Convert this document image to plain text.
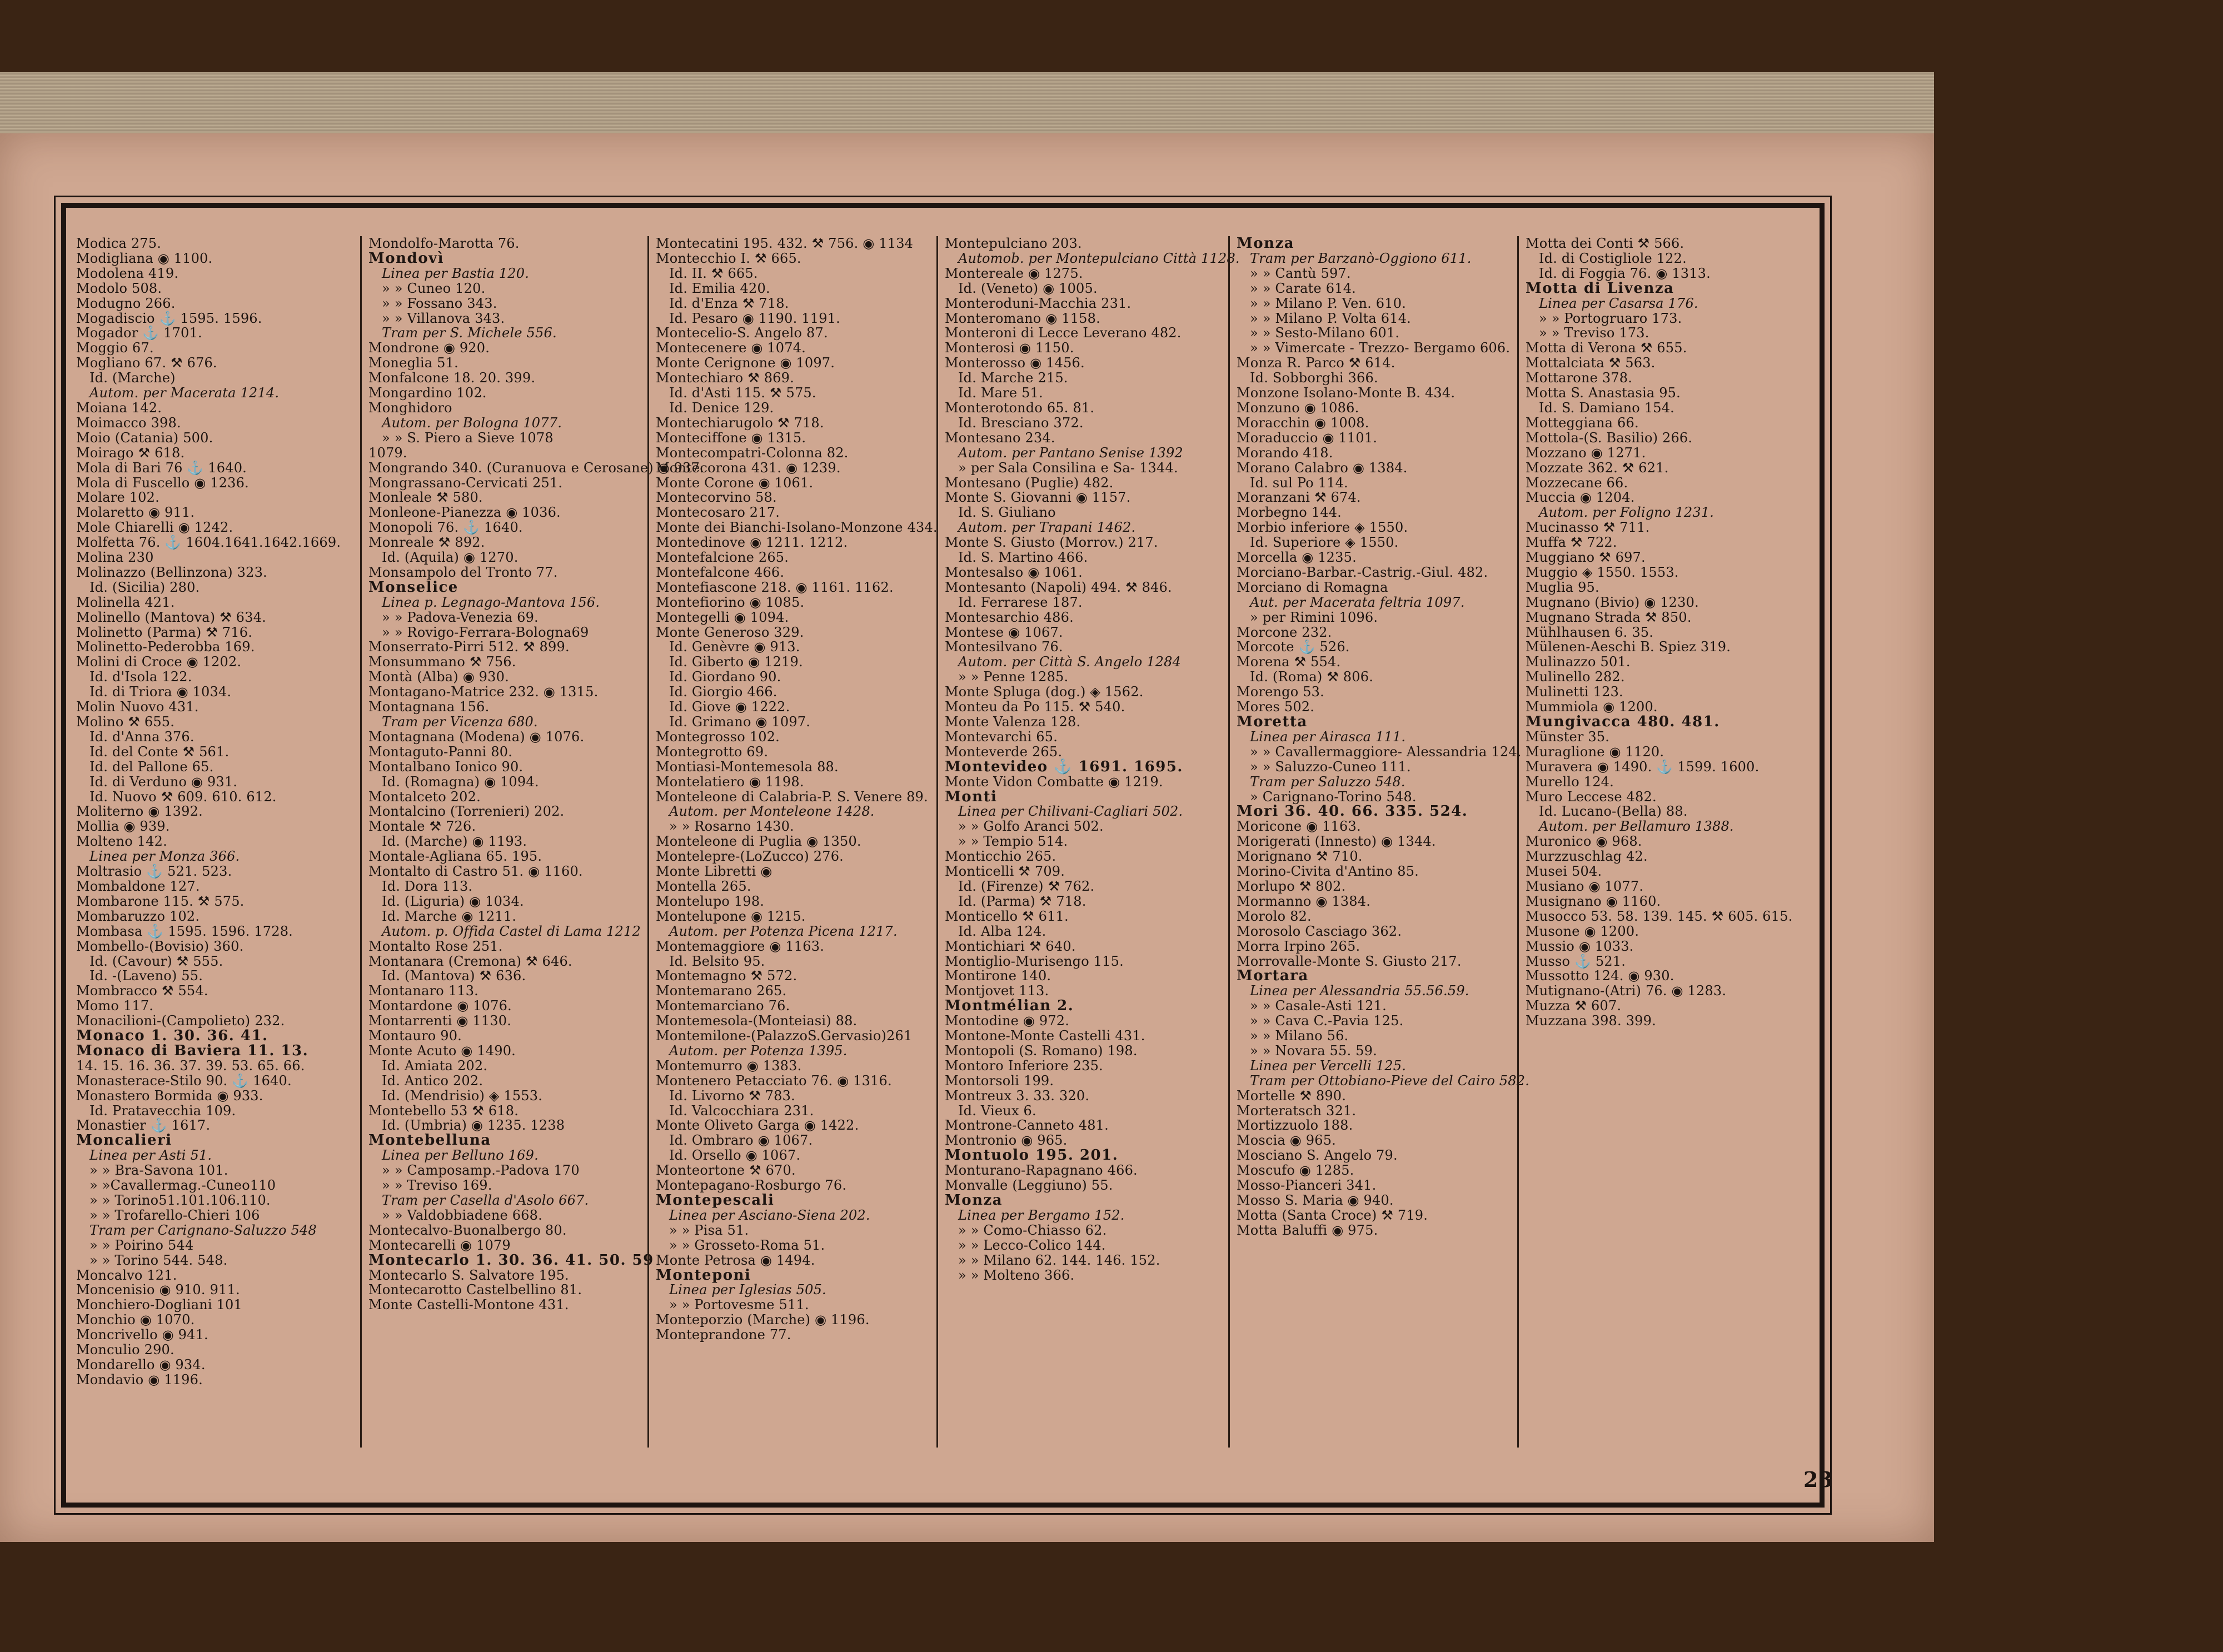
Modica 275.
Modigliana ◉ 1100.
Modolena 419.
Modolo 508.
Modugno 266.
Mogadiscio ⚓ 1595. 1596.
Mogador ⚓ 1701.
Moggio 67.
Mogliano 67. ⚒ 676.
Id. (Marche)
Autom. per Macerata 1214.
Moiana 142.
Moimacco 398.
Moio (Catania) 500.
Moirago ⚒ 618.
Mola di Bari 76 ⚓ 1640.
Mola di Fuscello ◉ 1236.
Molare 102.
Molaretto ◉ 911.
Mole Chiarelli ◉ 1242.
Molfetta 76. ⚓ 1604.1641.1642.1669.
Molina 230
Molinazzo (Bellinzona) 323.
Id. (Sicilia) 280.
Molinella 421.
Molinello (Mantova) ⚒ 634.
Molinetto (Parma) ⚒ 716.
Molinetto-Pederobba 169.
Molini di Croce ◉ 1202.
Id. d'Isola 122.
Id. di Triora ◉ 1034.
Molin Nuovo 431.
Molino ⚒ 655.
Id. d'Anna 376.
Id. del Conte ⚒ 561.
Id. del Pallone 65.
Id. di Verduno ◉ 931.
Id. Nuovo ⚒ 609. 610. 612.
Moliterno ◉ 1392.
Mollia ◉ 939.
Molteno 142.
Linea per Monza 366.
Moltrasio ⚓ 521. 523.
Mombaldone 127.
Mombarone 115. ⚒ 575.
Mombaruzzo 102.
Mombasa ⚓ 1595. 1596. 1728.
Mombello-(Bovisio) 360.
Id. (Cavour) ⚒ 555.
Id. -(Laveno) 55.
Mombracco ⚒ 554.
Momo 117.
Monacilioni-(Campolieto) 232.
Monaco 1. 30. 36. 41.
Monaco di Baviera 11. 13.
14. 15. 16. 36. 37. 39. 53. 65. 66.
Monasterace-Stilo 90. ⚓ 1640.
Monastero Bormida ◉ 933.
Id. Pratavecchia 109.
Monastier ⚓ 1617.
Moncalieri
Linea per Asti 51.
» » Bra-Savona 101.
» »Cavallermag.-Cuneo110
» » Torino51.101.106.110.
» » Trofarello-Chieri 106
Tram per Carignano-Saluzzo 548
» » Poirino 544
» » Torino 544. 548.
Moncalvo 121.
Moncenisio ◉ 910. 911.
Monchiero-Dogliani 101
Monchio ◉ 1070.
Moncrivello ◉ 941.
Monculio 290.
Mondarello ◉ 934.
Mondavio ◉ 1196.
Mondolfo-Marotta 76.
Mondovì
Linea per Bastia 120.
» » Cuneo 120.
» » Fossano 343.
» » Villanova 343.
Tram per S. Michele 556.
Mondrone ◉ 920.
Moneglia 51.
Monfalcone 18. 20. 399.
Mongardino 102.
Monghidoro
Autom. per Bologna 1077.
» » S. Piero a Sieve 1078
1079.
Mongrando 340. (Curanuova e Cerosane) ◉ 937.
Mongrassano-Cervicati 251.
Monleale ⚒ 580.
Monleone-Pianezza ◉ 1036.
Monopoli 76. ⚓ 1640.
Monreale ⚒ 892.
Id. (Aquila) ◉ 1270.
Monsampolo del Tronto 77.
Monselice
Linea p. Legnago-Mantova 156.
» » Padova-Venezia 69.
» » Rovigo-Ferrara-Bologna69
Monserrato-Pirri 512. ⚒ 899.
Monsummano ⚒ 756.
Montà (Alba) ◉ 930.
Montagano-Matrice 232. ◉ 1315.
Montagnana 156.
Tram per Vicenza 680.
Montagnana (Modena) ◉ 1076.
Montaguto-Panni 80.
Montalbano Ionico 90.
Id. (Romagna) ◉ 1094.
Montalceto 202.
Montalcino (Torrenieri) 202.
Montale ⚒ 726.
Id. (Marche) ◉ 1193.
Montale-Agliana 65. 195.
Montalto di Castro 51. ◉ 1160.
Id. Dora 113.
Id. (Liguria) ◉ 1034.
Id. Marche ◉ 1211.
Autom. p. Offida Castel di Lama 1212
Montalto Rose 251.
Montanara (Cremona) ⚒ 646.
Id. (Mantova) ⚒ 636.
Montanaro 113.
Montardone ◉ 1076.
Montarrenti ◉ 1130.
Montauro 90.
Monte Acuto ◉ 1490.
Id. Amiata 202.
Id. Antico 202.
Id. (Mendrisio) ◈ 1553.
Montebello 53 ⚒ 618.
Id. (Umbria) ◉ 1235. 1238
Montebelluna
Linea per Belluno 169.
» » Camposamp.-Padova 170
» » Treviso 169.
Tram per Casella d'Asolo 667.
» » Valdobbiadene 668.
Montecalvo-Buonalbergo 80.
Montecarelli ◉ 1079
Montecarlo 1. 30. 36. 41. 50. 59
Montecarlo S. Salvatore 195.
Montecarotto Castelbellino 81.
Monte Castelli-Montone 431.
Montecatini 195. 432. ⚒ 756. ◉ 1134
Montecchio I. ⚒ 665.
Id. II. ⚒ 665.
Id. Emilia 420.
Id. d'Enza ⚒ 718.
Id. Pesaro ◉ 1190. 1191.
Montecelio-S. Angelo 87.
Montecenere ◉ 1074.
Monte Cerignone ◉ 1097.
Montechiaro ⚒ 869.
Id. d'Asti 115. ⚒ 575.
Id. Denice 129.
Montechiarugolo ⚒ 718.
Monteciffone ◉ 1315.
Montecompatri-Colonna 82.
Montecorona 431. ◉ 1239.
Monte Corone ◉ 1061.
Montecorvino 58.
Montecosaro 217.
Monte dei Bianchi-Isolano-Monzone 434.
Montedinove ◉ 1211. 1212.
Montefalcione 265.
Montefalcone 466.
Montefiascone 218. ◉ 1161. 1162.
Montefiorino ◉ 1085.
Montegelli ◉ 1094.
Monte Generoso 329.
Id. Genèvre ◉ 913.
Id. Giberto ◉ 1219.
Id. Giordano 90.
Id. Giorgio 466.
Id. Giove ◉ 1222.
Id. Grimano ◉ 1097.
Montegrosso 102.
Montegrotto 69.
Montiasi-Montemesola 88.
Montelatiero ◉ 1198.
Monteleone di Calabria-P. S. Venere 89.
Autom. per Monteleone 1428.
» » Rosarno 1430.
Monteleone di Puglia ◉ 1350.
Montelepre-(LoZucco) 276.
Monte Libretti ◉
Montella 265.
Montelupo 198.
Montelupone ◉ 1215.
Autom. per Potenza Picena 1217.
Montemaggiore ◉ 1163.
Id. Belsito 95.
Montemagno ⚒ 572.
Montemarano 265.
Montemarciano 76.
Montemesola-(Monteiasi) 88.
Montemilone-(PalazzoS.Gervasio)261
Autom. per Potenza 1395.
Montemurro ◉ 1383.
Montenero Petacciato 76. ◉ 1316.
Id. Livorno ⚒ 783.
Id. Valcocchiara 231.
Monte Oliveto Garga ◉ 1422.
Id. Ombraro ◉ 1067.
Id. Orsello ◉ 1067.
Monteortone ⚒ 670.
Montepagano-Rosburgo 76.
Montepescali
Linea per Asciano-Siena 202.
» » Pisa 51.
» » Grosseto-Roma 51.
Monte Petrosa ◉ 1494.
Monteponi
Linea per Iglesias 505.
» » Portovesme 511.
Monteporzio (Marche) ◉ 1196.
Monteprandone 77.
Montepulciano 203.
Automob. per Montepulciano Città 1128.
Montereale ◉ 1275.
Id. (Veneto) ◉ 1005.
Monteroduni-Macchia 231.
Monteromano ◉ 1158.
Monteroni di Lecce Leverano 482.
Monterosi ◉ 1150.
Monterosso ◉ 1456.
Id. Marche 215.
Id. Mare 51.
Monterotondo 65. 81.
Id. Bresciano 372.
Montesano 234.
Autom. per Pantano Senise 1392
» per Sala Consilina e Sa- 1344.
Montesano (Puglie) 482.
Monte S. Giovanni ◉ 1157.
Id. S. Giuliano
Autom. per Trapani 1462.
Monte S. Giusto (Morrov.) 217.
Id. S. Martino 466.
Montesalso ◉ 1061.
Montesanto (Napoli) 494. ⚒ 846.
Id. Ferrarese 187.
Montesarchio 486.
Montese ◉ 1067.
Montesilvano 76.
Autom. per Città S. Angelo 1284
» » Penne 1285.
Monte Spluga (dog.) ◈ 1562.
Monteu da Po 115. ⚒ 540.
Monte Valenza 128.
Montevarchi 65.
Monteverde 265.
Montevideo ⚓ 1691. 1695.
Monte Vidon Combatte ◉ 1219.
Monti
Linea per Chilivani-Cagliari 502.
» » Golfo Aranci 502.
» » Tempio 514.
Monticchio 265.
Monticelli ⚒ 709.
Id. (Firenze) ⚒ 762.
Id. (Parma) ⚒ 718.
Monticello ⚒ 611.
Id. Alba 124.
Montichiari ⚒ 640.
Montiglio-Murisengo 115.
Montirone 140.
Montjovet 113.
Montmélian 2.
Montodine ◉ 972.
Montone-Monte Castelli 431.
Montopoli (S. Romano) 198.
Montoro Inferiore 235.
Montorsoli 199.
Montreux 3. 33. 320.
Id. Vieux 6.
Montrone-Canneto 481.
Montronio ◉ 965.
Montuolo 195. 201.
Monturano-Rapagnano 466.
Monvalle (Leggiuno) 55.
Monza
Linea per Bergamo 152.
» » Como-Chiasso 62.
» » Lecco-Colico 144.
» » Milano 62. 144. 146. 152.
» » Molteno 366.
Monza
Tram per Barzanò-Oggiono 611.
» » Cantù 597.
» » Carate 614.
» » Milano P. Ven. 610.
» » Milano P. Volta 614.
» » Sesto-Milano 601.
» » Vimercate - Trezzo- Bergamo 606.
Monza R. Parco ⚒ 614.
Id. Sobborghi 366.
Monzone Isolano-Monte B. 434.
Monzuno ◉ 1086.
Moracchin ◉ 1008.
Moraduccio ◉ 1101.
Morando 418.
Morano Calabro ◉ 1384.
Id. sul Po 114.
Moranzani ⚒ 674.
Morbegno 144.
Morbio inferiore ◈ 1550.
Id. Superiore ◈ 1550.
Morcella ◉ 1235.
Morciano-Barbar.-Castrig.-Giul. 482.
Morciano di Romagna
Aut. per Macerata feltria 1097.
» per Rimini 1096.
Morcone 232.
Morcote ⚓ 526.
Morena ⚒ 554.
Id. (Roma) ⚒ 806.
Morengo 53.
Mores 502.
Moretta
Linea per Airasca 111.
» » Cavallermaggiore- Alessandria 124.
» » Saluzzo-Cuneo 111.
Tram per Saluzzo 548.
» Carignano-Torino 548.
Mori 36. 40. 66. 335. 524.
Moricone ◉ 1163.
Morigerati (Innesto) ◉ 1344.
Morignano ⚒ 710.
Morino-Civita d'Antino 85.
Morlupo ⚒ 802.
Mormanno ◉ 1384.
Morolo 82.
Morosolo Casciago 362.
Morra Irpino 265.
Morrovalle-Monte S. Giusto 217.
Mortara
Linea per Alessandria 55.56.59.
» » Casale-Asti 121.
» » Cava C.-Pavia 125.
» » Milano 56.
» » Novara 55. 59.
Linea per Vercelli 125.
Tram per Ottobiano-Pieve del Cairo 582.
Mortelle ⚒ 890.
Morteratsch 321.
Mortizzuolo 188.
Moscia ◉ 965.
Mosciano S. Angelo 79.
Moscufo ◉ 1285.
Mosso-Pianceri 341.
Mosso S. Maria ◉ 940.
Motta (Santa Croce) ⚒ 719.
Motta Baluffi ◉ 975.
Motta dei Conti ⚒ 566.
Id. di Costigliole 122.
Id. di Foggia 76. ◉ 1313.
Motta di Livenza
Linea per Casarsa 176.
» » Portogruaro 173.
» » Treviso 173.
Motta di Verona ⚒ 655.
Mottalciata ⚒ 563.
Mottarone 378.
Motta S. Anastasia 95.
Id. S. Damiano 154.
Motteggiana 66.
Mottola-(S. Basilio) 266.
Mozzano ◉ 1271.
Mozzate 362. ⚒ 621.
Mozzecane 66.
Muccia ◉ 1204.
Autom. per Foligno 1231.
Mucinasso ⚒ 711.
Muffa ⚒ 722.
Muggiano ⚒ 697.
Muggio ◈ 1550. 1553.
Muglia 95.
Mugnano (Bivio) ◉ 1230.
Mugnano Strada ⚒ 850.
Mühlhausen 6. 35.
Mülenen-Aeschi B. Spiez 319.
Mulinazzo 501.
Mulinello 282.
Mulinetti 123.
Mummiola ◉ 1200.
Mungivacca 480. 481.
Münster 35.
Muraglione ◉ 1120.
Muravera ◉ 1490. ⚓ 1599. 1600.
Murello 124.
Muro Leccese 482.
Id. Lucano-(Bella) 88.
Autom. per Bellamuro 1388.
Muronico ◉ 968.
Murzzuschlag 42.
Musei 504.
Musiano ◉ 1077.
Musignano ◉ 1160.
Musocco 53. 58. 139. 145. ⚒ 605. 615.
Musone ◉ 1200.
Mussio ◉ 1033.
Musso ⚓ 521.
Mussotto 124. ◉ 930.
Mutignano-(Atri) 76. ◉ 1283.
Muzza ⚒ 607.
Muzzana 398. 399.
23
